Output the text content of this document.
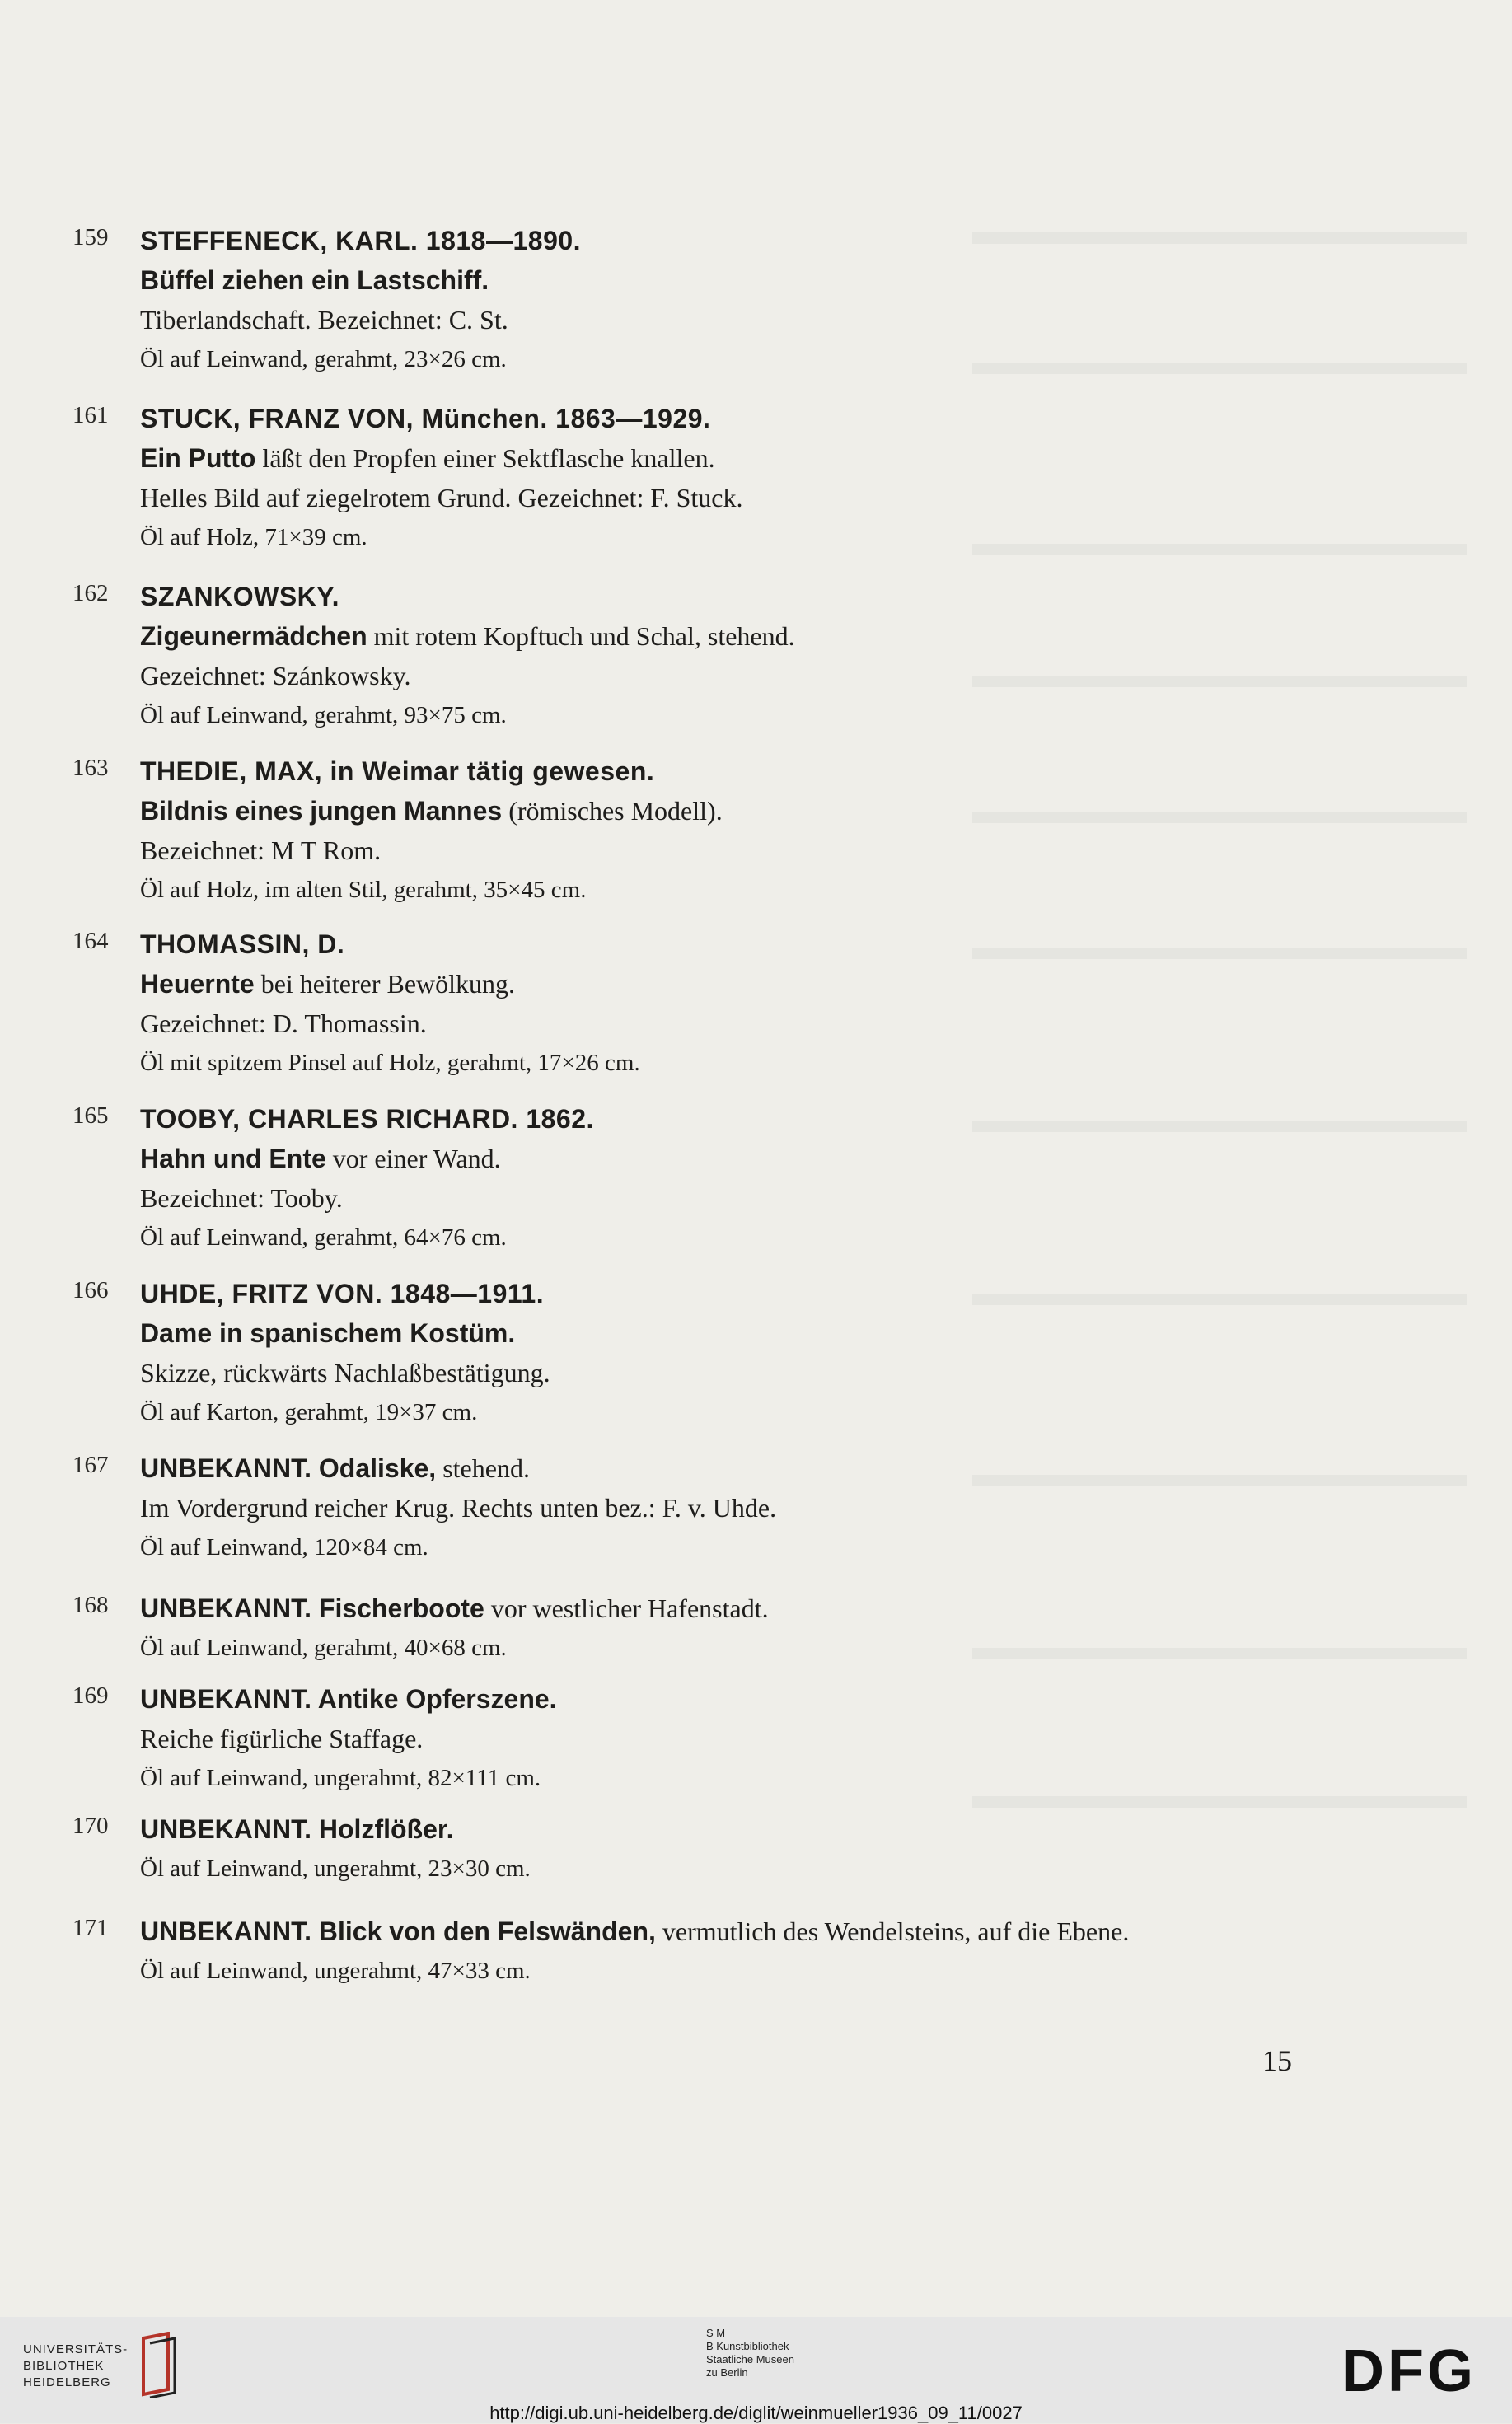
159	STEFFENECK, KARL. 1818—1890.
Büffel ziehen ein Lastschiff.
Tiberlandschaft. Bezeichnet: C. St.
Öl auf Leinwand, gerahmt, 23×26 cm.
161	STUCK, FRANZ VON, München. 1863—1929.
Ein Putto läßt den Propfen einer Sektflasche knallen.
Helles Bild auf ziegelrotem Grund. Gezeichnet: F. Stuck.
Öl auf Holz, 71×39 cm.
162	SZANKOWSKY.
Zigeunermädchen mit rotem Kopftuch und Schal, stehend.
Gezeichnet: Szánkowsky.
Öl auf Leinwand, gerahmt, 93×75 cm.
163	THEDIE, MAX, in Weimar tätig gewesen.
Bildnis eines jungen Mannes (römisches Modell).
Bezeichnet: M T Rom.
Öl auf Holz, im alten Stil, gerahmt, 35×45 cm.
164	THOMASSIN, D.
Heuernte bei heiterer Bewölkung.
Gezeichnet: D. Thomassin.
Öl mit spitzem Pinsel auf Holz, gerahmt, 17×26 cm.
165	TOOBY, CHARLES RICHARD. 1862.
Hahn und Ente vor einer Wand.
Bezeichnet: Tooby.
Öl auf Leinwand, gerahmt, 64×76 cm.
166	UHDE, FRITZ VON. 1848—1911.
Dame in spanischem Kostüm.
Skizze, rückwärts Nachlaßbestätigung.
Öl auf Karton, gerahmt, 19×37 cm.
167	UNBEKANNT. Odaliske, stehend.
Im Vordergrund reicher Krug. Rechts unten bez.: F. v. Uhde.
Öl auf Leinwand, 120×84 cm.
168	UNBEKANNT. Fischerboote vor westlicher Hafenstadt.
Öl auf Leinwand, gerahmt, 40×68 cm.
169	UNBEKANNT. Antike Opferszene.
Reiche figürliche Staffage.
Öl auf Leinwand, ungerahmt, 82×111 cm.
170	UNBEKANNT. Holzflößer.
Öl auf Leinwand, ungerahmt, 23×30 cm.
171	UNBEKANNT. Blick von den Felswänden, vermutlich des Wendelsteins, auf die Ebene.
Öl auf Leinwand, ungerahmt, 47×33 cm.
15
UNIVERSITÄTS-
BIBLIOTHEK
HEIDELBERG
S M
B Kunstbibliothek
Staatliche Museen
zu Berlin	DFG
http://digi.ub.uni-heidelberg.de/diglit/weinmueller1936_09_11/0027
